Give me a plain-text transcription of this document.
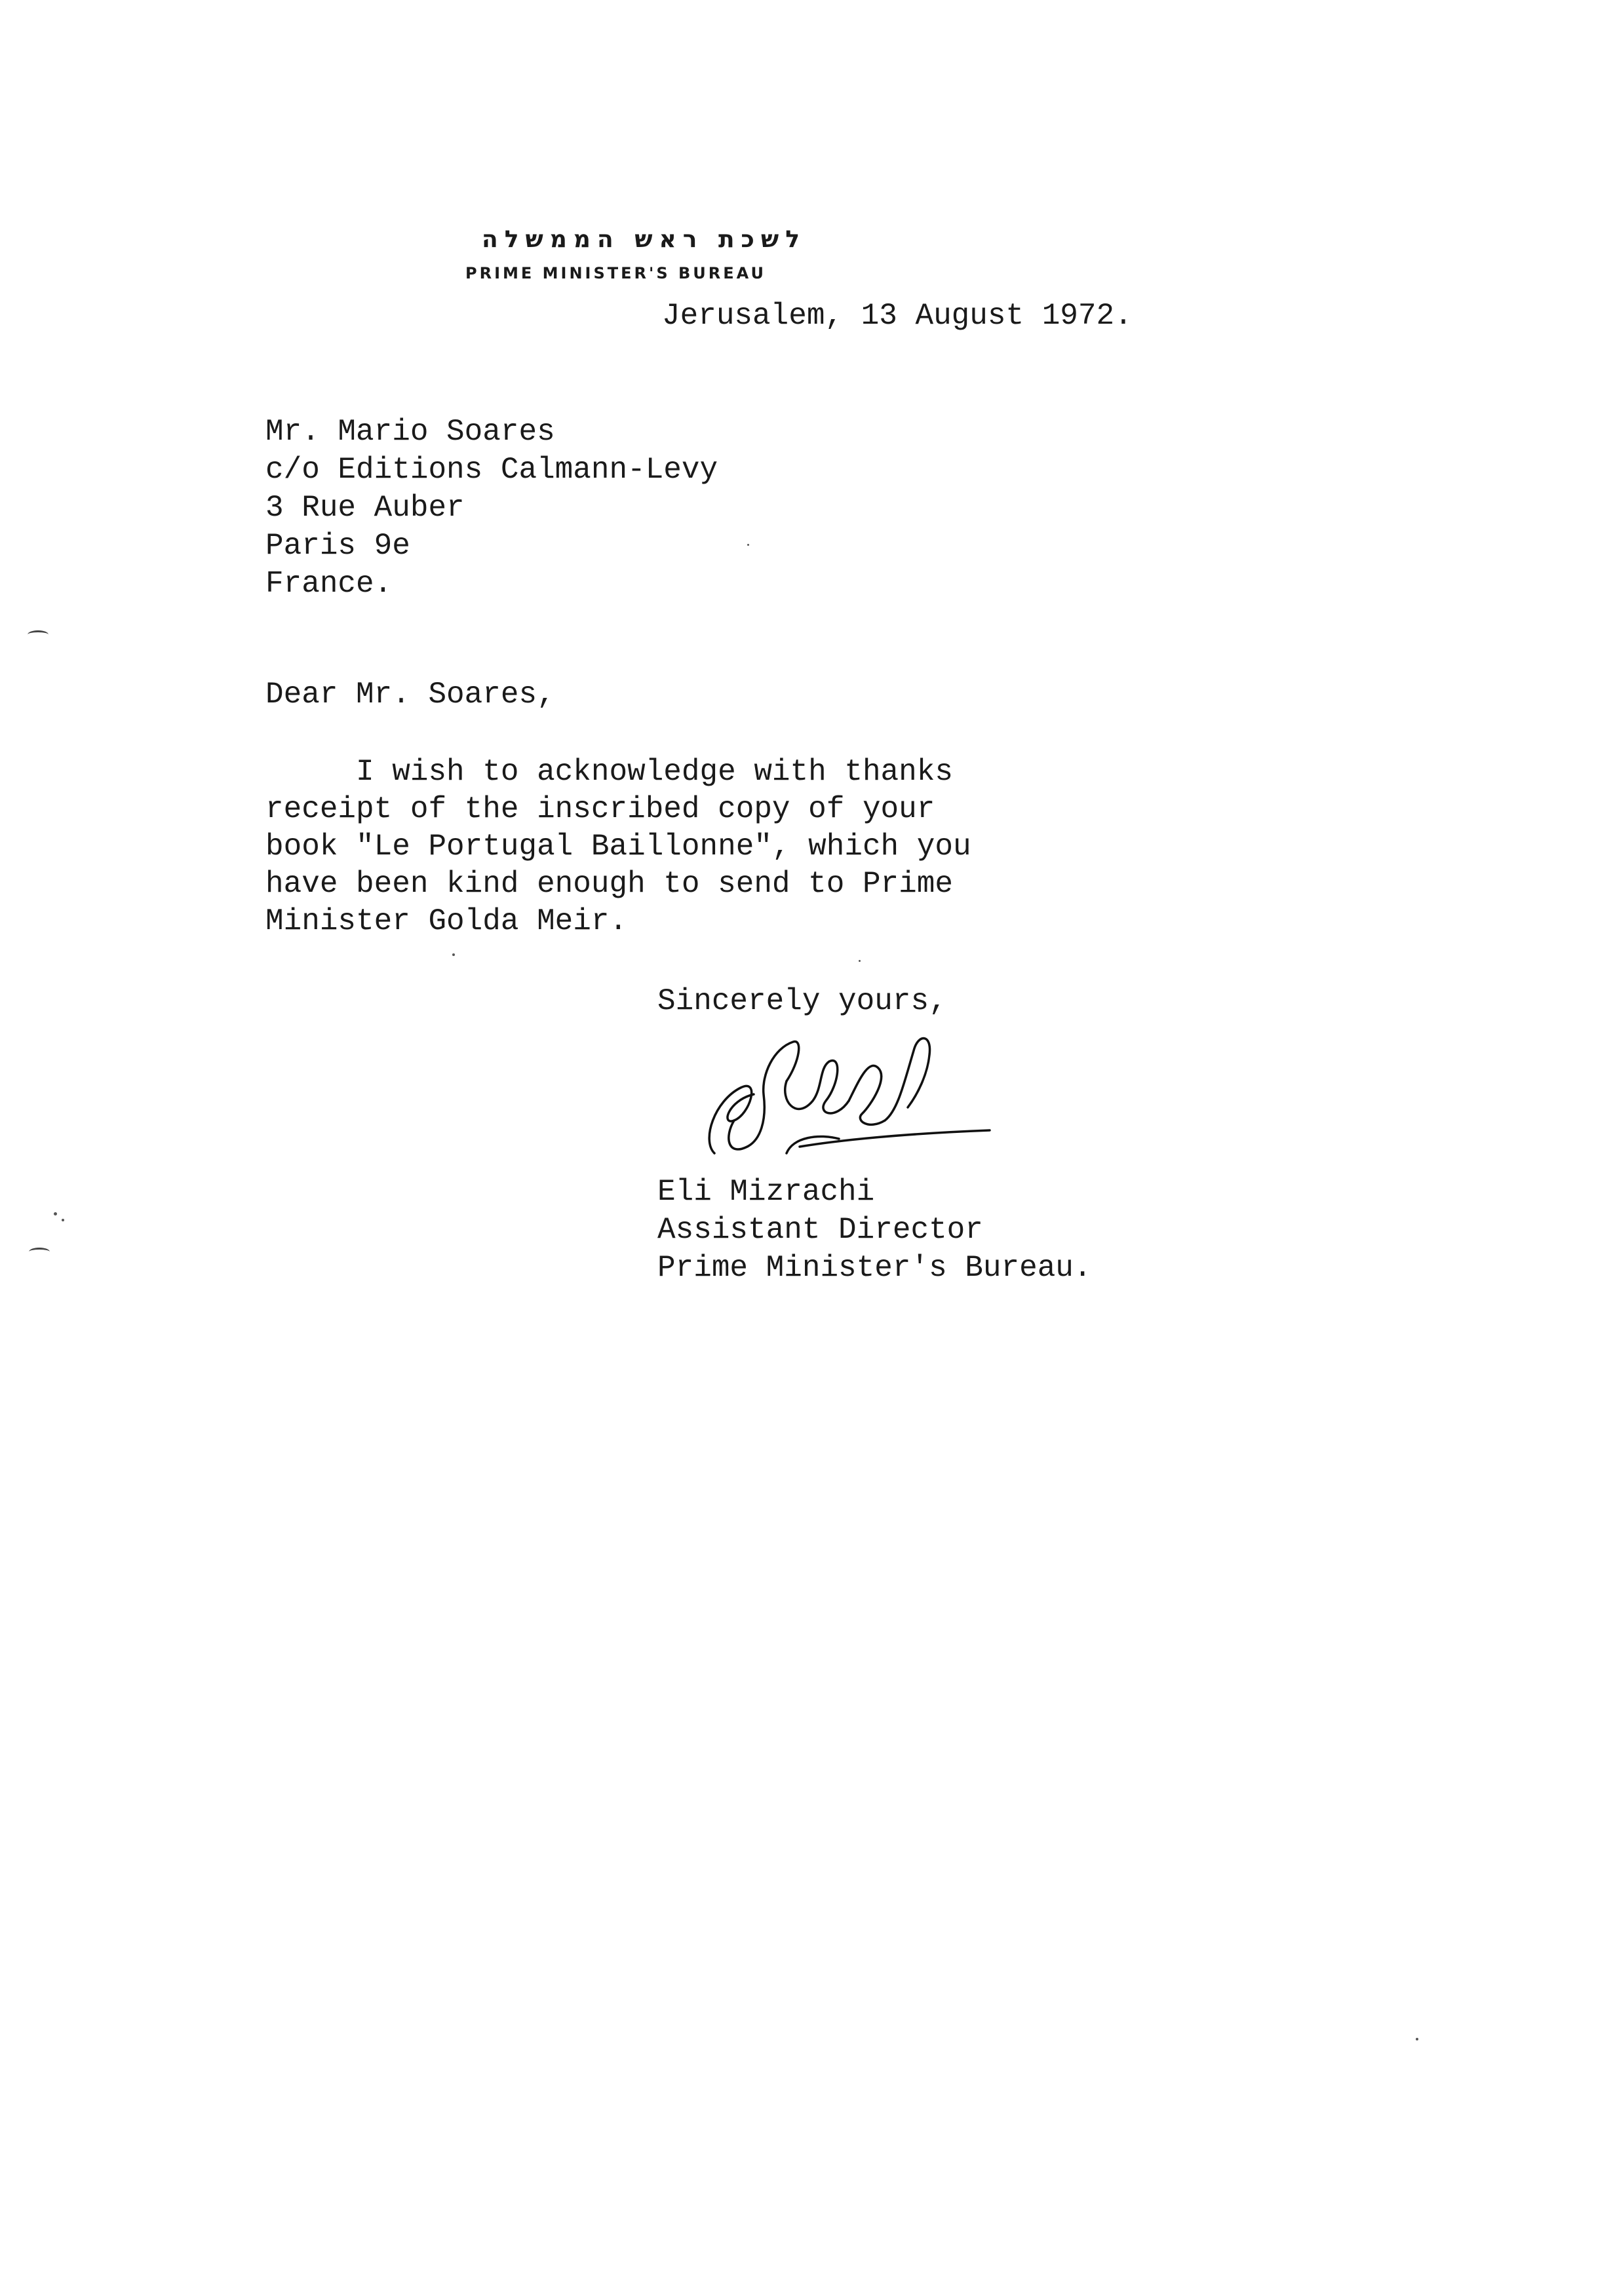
לשכת ראש הממשלה
PRIME MINISTER'S BUREAU
Jerusalem, 13 August 1972.
Mr. Mario Soares
c/o Editions Calmann-Levy
3 Rue Auber
Paris 9e
France.
Dear Mr. Soares,
I wish to acknowledge with thanks
receipt of the inscribed copy of your
book "Le Portugal Baillonne", which you
have been kind enough to send to Prime
Minister Golda Meir.
Sincerely yours,
Eli Mizrachi
Assistant Director
Prime Minister's Bureau.
